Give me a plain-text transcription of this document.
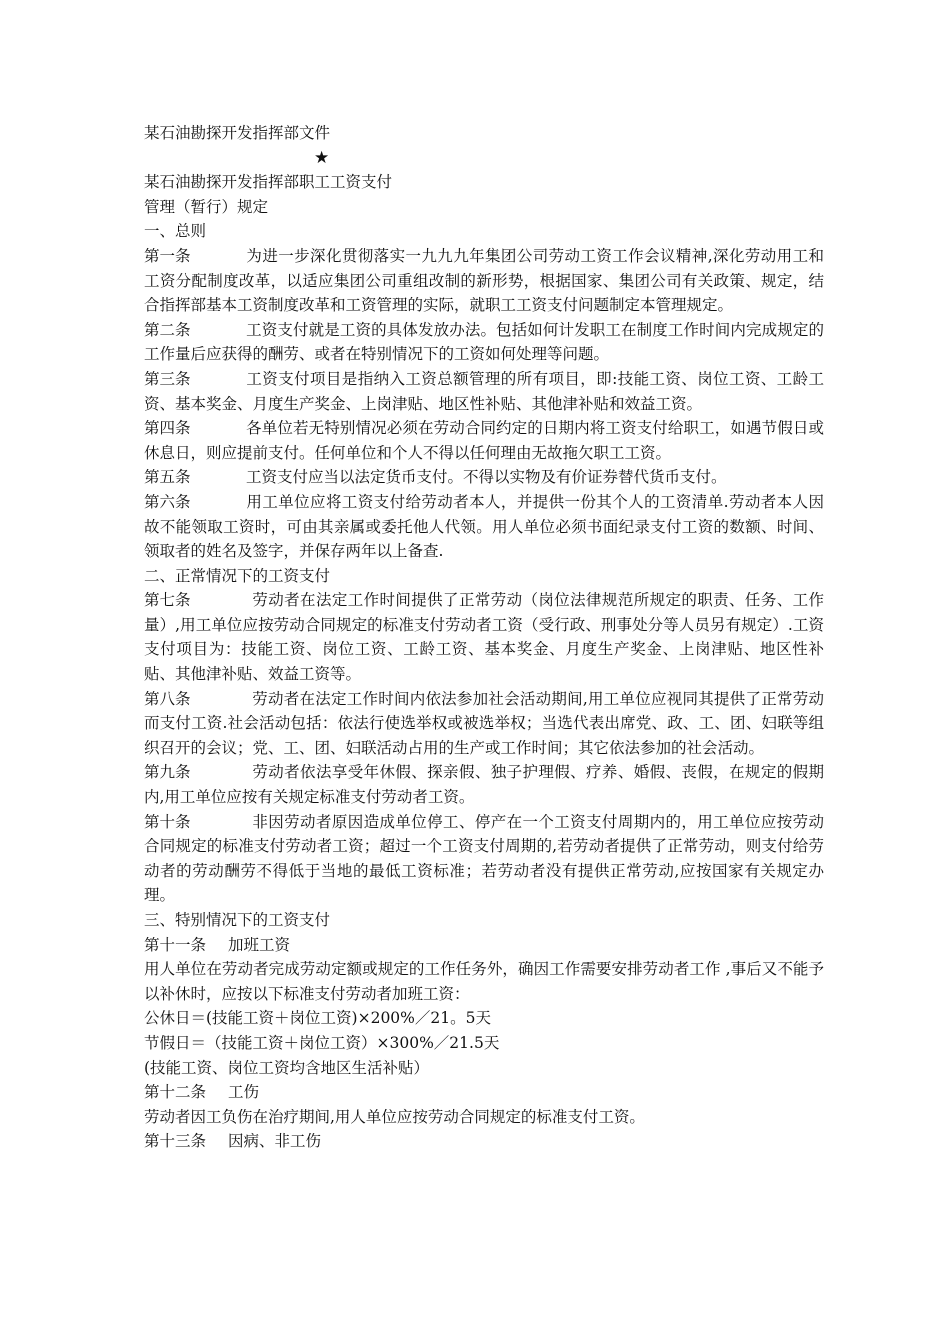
某石油勘探开发指挥部文件
★
某石油勘探开发指挥部职工工资支付
管理（暂行）规定
一、总则
第一条	为进一步深化贯彻落实一九九九年集团公司劳动工资工作会议精神,深化劳动用工和工资分配制度改革，以适应集团公司重组改制的新形势，根据国家、集团公司有关政策、规定，结合指挥部基本工资制度改革和工资管理的实际，就职工工资支付问题制定本管理规定。
第二条	工资支付就是工资的具体发放办法。包括如何计发职工在制度工作时间内完成规定的工作量后应获得的酬劳、或者在特别情况下的工资如何处理等问题。
第三条	工资支付项目是指纳入工资总额管理的所有项目，即:技能工资、岗位工资、工龄工资、基本奖金、月度生产奖金、上岗津贴、地区性补贴、其他津补贴和效益工资。
第四条	各单位若无特别情况必须在劳动合同约定的日期内将工资支付给职工，如遇节假日或休息日，则应提前支付。任何单位和个人不得以任何理由无故拖欠职工工资。
第五条	工资支付应当以法定货币支付。不得以实物及有价证券替代货币支付。
第六条	用工单位应将工资支付给劳动者本人，并提供一份其个人的工资清单.劳动者本人因故不能领取工资时，可由其亲属或委托他人代领。用人单位必须书面纪录支付工资的数额、时间、领取者的姓名及签字，并保存两年以上备查.
二、正常情况下的工资支付
第七条	劳动者在法定工作时间提供了正常劳动（岗位法律规范所规定的职责、任务、工作量）,用工单位应按劳动合同规定的标准支付劳动者工资（受行政、刑事处分等人员另有规定）.工资支付项目为：技能工资、岗位工资、工龄工资、基本奖金、月度生产奖金、上岗津贴、地区性补贴、其他津补贴、效益工资等。
第八条	劳动者在法定工作时间内依法参加社会活动期间,用工单位应视同其提供了正常劳动而支付工资.社会活动包括：依法行使选举权或被选举权；当选代表出席党、政、工、团、妇联等组织召开的会议；党、工、团、妇联活动占用的生产或工作时间；其它依法参加的社会活动。
第九条	劳动者依法享受年休假、探亲假、独子护理假、疗养、婚假、丧假，在规定的假期内,用工单位应按有关规定标准支付劳动者工资。
第十条	非因劳动者原因造成单位停工、停产在一个工资支付周期内的，用工单位应按劳动合同规定的标准支付劳动者工资；超过一个工资支付周期的,若劳动者提供了正常劳动，则支付给劳动者的劳动酬劳不得低于当地的最低工资标准；若劳动者没有提供正常劳动,应按国家有关规定办理。
三、特别情况下的工资支付
第十一条 加班工资
用人单位在劳动者完成劳动定额或规定的工作任务外，确因工作需要安排劳动者工作 ,事后又不能予以补休时，应按以下标准支付劳动者加班工资：
公休日＝(技能工资＋岗位工资)×200%／21。5天
节假日＝（技能工资＋岗位工资）×300%／21.5天
(技能工资、岗位工资均含地区生活补贴）
第十二条 工伤
劳动者因工负伤在治疗期间,用人单位应按劳动合同规定的标准支付工资。
第十三条 因病、非工伤
